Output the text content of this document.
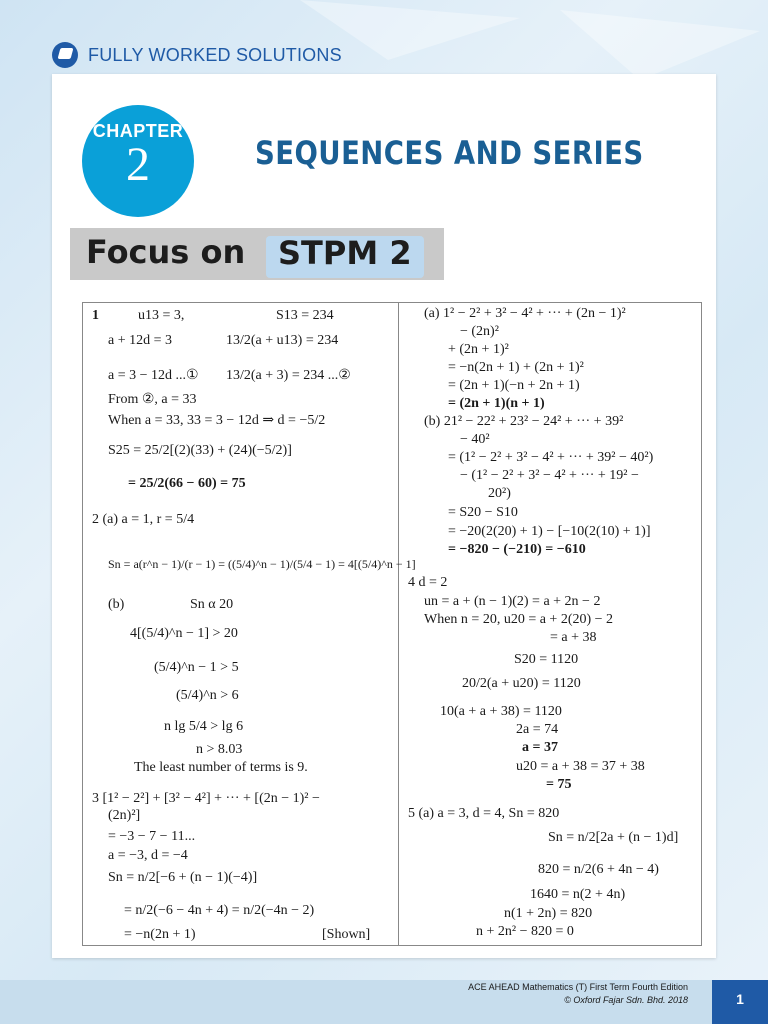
FULLY WORKED SOLUTIONS
CHAPTER
2	SEQUENCES AND SERIES
Focus on STPM 2
1	u13 = 3,	S13 = 234
a + 12d = 3	13/2(a + u13) = 234
a = 3 − 12d ...① 13/2(a + 3) = 234 ...②
From ②, a = 33
When a = 33, 33 = 3 − 12d ⇒ d = −5/2
S25 = 25/2[(2)(33) + (24)(−5/2)]
= 25/2(66 − 60) = 75
2 (a) a = 1, r = 5/4
Sn = a(r^n − 1)/(r − 1) = ((5/4)^n − 1)/(5/4 − 1) = 4[(5/4)^n − 1]
(b)	Sn α 20
4[(5/4)^n − 1] > 20
(5/4)^n − 1 > 5
(5/4)^n > 6
n lg 5/4 > lg 6
n > 8.03
The least number of terms is 9.
3 [1² − 2²] + [3² − 4²] + ··· + [(2n − 1)² −
(2n)²]
= −3 − 7 − 11...
a = −3, d = −4
Sn = n/2[−6 + (n − 1)(−4)]
= n/2(−6 − 4n + 4) = n/2(−4n − 2)
= −n(2n + 1)	[Shown]
(a) 1² − 2² + 3² − 4² + ··· + (2n − 1)²
− (2n)²
+ (2n + 1)²
= −n(2n + 1) + (2n + 1)²
= (2n + 1)(−n + 2n + 1)
= (2n + 1)(n + 1)
(b) 21² − 22² + 23² − 24² + ··· + 39²
− 40²
= (1² − 2² + 3² − 4² + ··· + 39² − 40²)
− (1² − 2² + 3² − 4² + ··· + 19² −
20²)
= S20 − S10
= −20(2(20) + 1) − [−10(2(10) + 1)]
= −820 − (−210) = −610
4 d = 2
un = a + (n − 1)(2) = a + 2n − 2
When n = 20, u20 = a + 2(20) − 2
= a + 38
S20 = 1120
20/2(a + u20) = 1120
10(a + a + 38) = 1120
2a = 74
a = 37
u20 = a + 38 = 37 + 38
= 75
5 (a) a = 3, d = 4, Sn = 820
Sn = n/2[2a + (n − 1)d]
820 = n/2(6 + 4n − 4)
1640 = n(2 + 4n)
n(1 + 2n) = 820
n + 2n² − 820 = 0
ACE AHEAD Mathematics (T) First Term Fourth Edition
© Oxford Fajar Sdn. Bhd. 2018	1
